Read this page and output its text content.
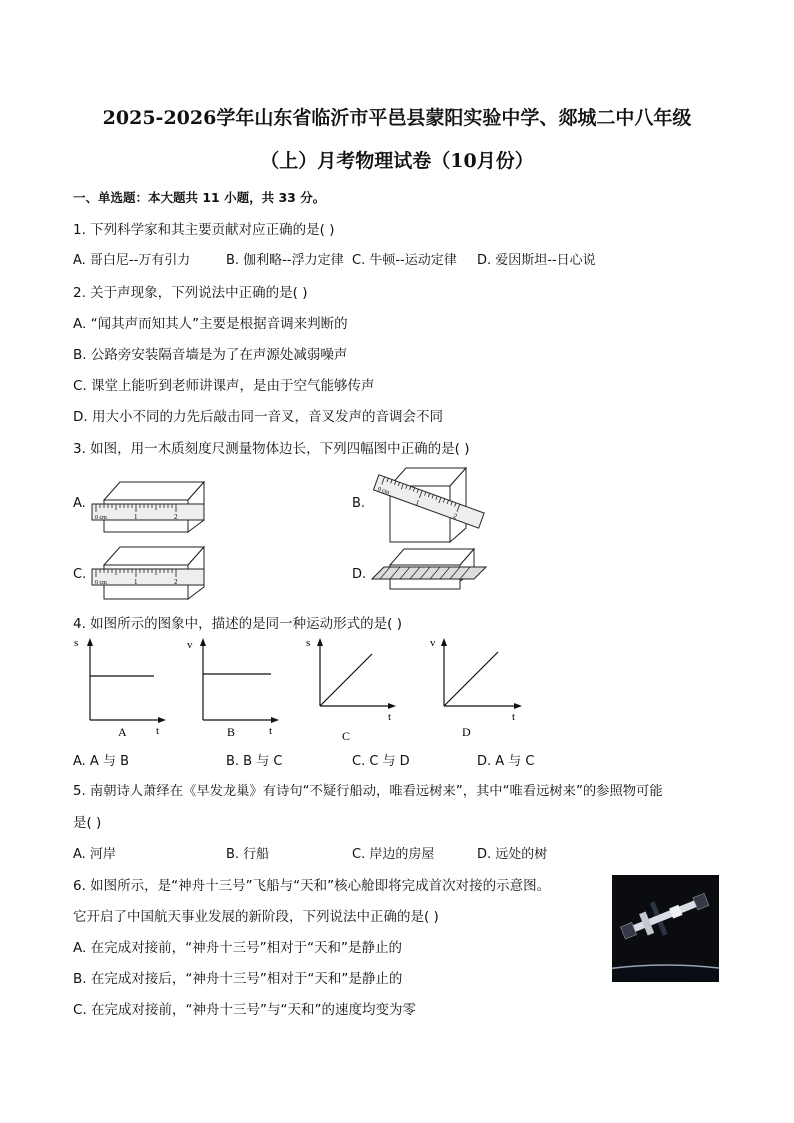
2025-2026学年山东省临沂市平邑县蒙阳实验中学、郯城二中八年级
（上）月考物理试卷（10月份）
一、单选题：本大题共 11 小题，共 33 分。
1. 下列科学家和其主要贡献对应正确的是( )
A. 哥白尼--万有引力	B. 伽利略--浮力定律 C. 牛顿--运动定律 D. 爱因斯坦--日心说
2. 关于声现象，下列说法中正确的是( )
A. “闻其声而知其人”主要是根据音调来判断的
B. 公路旁安装隔音墙是为了在声源处减弱噪声
C. 课堂上能听到老师讲课声，是由于空气能够传声
D. 用大小不同的力先后敲击同一音叉，音叉发声的音调会不同
3. 如图，用一木质刻度尺测量物体边长，下列四幅图中正确的是( )
A.	B.
C.	D.
0 cm	1	2
0 cm
1
2
0 cm	1	2
4. 如图所示的图象中，描述的是同一种运动形式的是( )
s
t
A
v
t
B
s
t
C
v
t
D
A. A 与 B	B. B 与 C	C. C 与 D	D. A 与 C
5. 南朝诗人萧绎在《早发龙巢》有诗句“不疑行船动，唯看远树来”，其中“唯看远树来”的参照物可能
是( )
A. 河岸	B. 行船	C. 岸边的房屋	D. 远处的树
6. 如图所示，是“神舟十三号”飞船与“天和”核心舱即将完成首次对接的示意图。
它开启了中国航天事业发展的新阶段，下列说法中正确的是( )
A. 在完成对接前，“神舟十三号”相对于“天和”是静止的
B. 在完成对接后，“神舟十三号”相对于“天和”是静止的
C. 在完成对接前，“神舟十三号”与“天和”的速度均变为零
